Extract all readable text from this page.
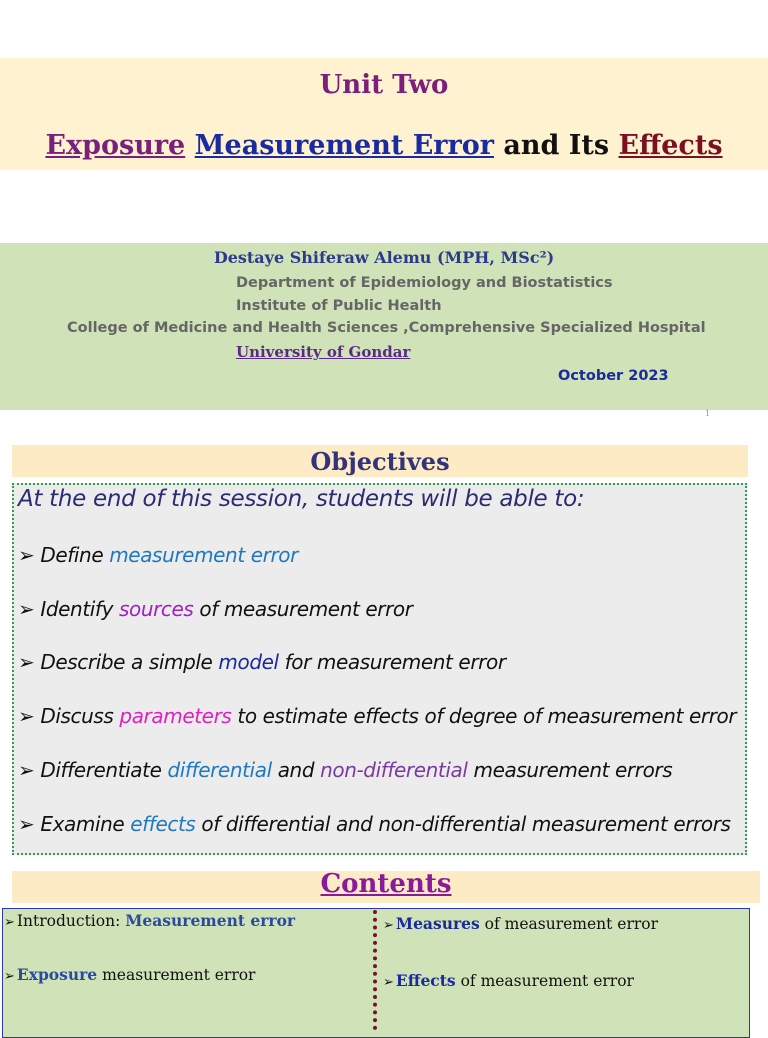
Unit Two
Exposure Measurement Error and Its Effects
Destaye Shiferaw Alemu (MPH, MSc²)
Department of Epidemiology and Biostatistics
Institute of Public Health
College of Medicine and Health Sciences ,Comprehensive Specialized Hospital
University of Gondar
October 2023
1
Objectives
At the end of this session, students will be able to:
➢ Define measurement error
➢ Identify sources of measurement error
➢ Describe a simple model for measurement error
➢ Discuss parameters to estimate effects of degree of measurement error
➢ Differentiate differential and non-differential measurement errors
➢ Examine effects of differential and non-differential measurement errors
Contents
➢ Introduction: Measurement error
➢ Exposure measurement error
➢ Measures of measurement error
➢ Effects of measurement error
